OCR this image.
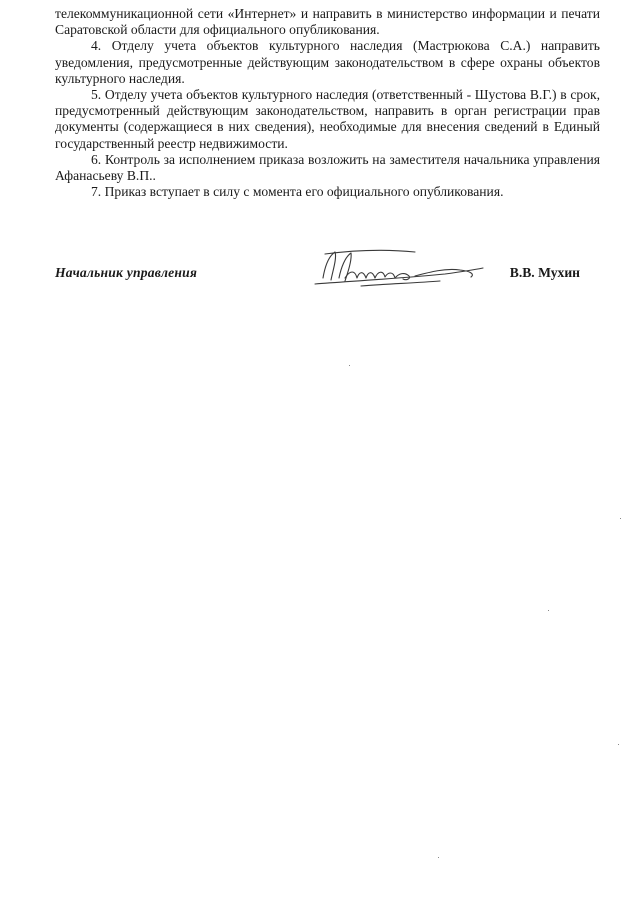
телекоммуникационной сети «Интернет» и направить в министерство информации и печати Саратовской области для официального опубликования.

4. Отделу учета объектов культурного наследия (Мастрюкова С.А.) направить уведомления, предусмотренные действующим законодательством в сфере охраны объектов культурного наследия.

5. Отделу учета объектов культурного наследия (ответственный - Шустова В.Г.) в срок, предусмотренный действующим законодательством, направить в орган регистрации прав документы (содержащиеся в них сведения), необходимые для внесения сведений в Единый государственный реестр недвижимости.

6. Контроль за исполнением приказа возложить на заместителя начальника управления Афанасьеву В.П..

7. Приказ вступает в силу с момента его официального опубликования.

Начальник управления	В.В. Мухин
